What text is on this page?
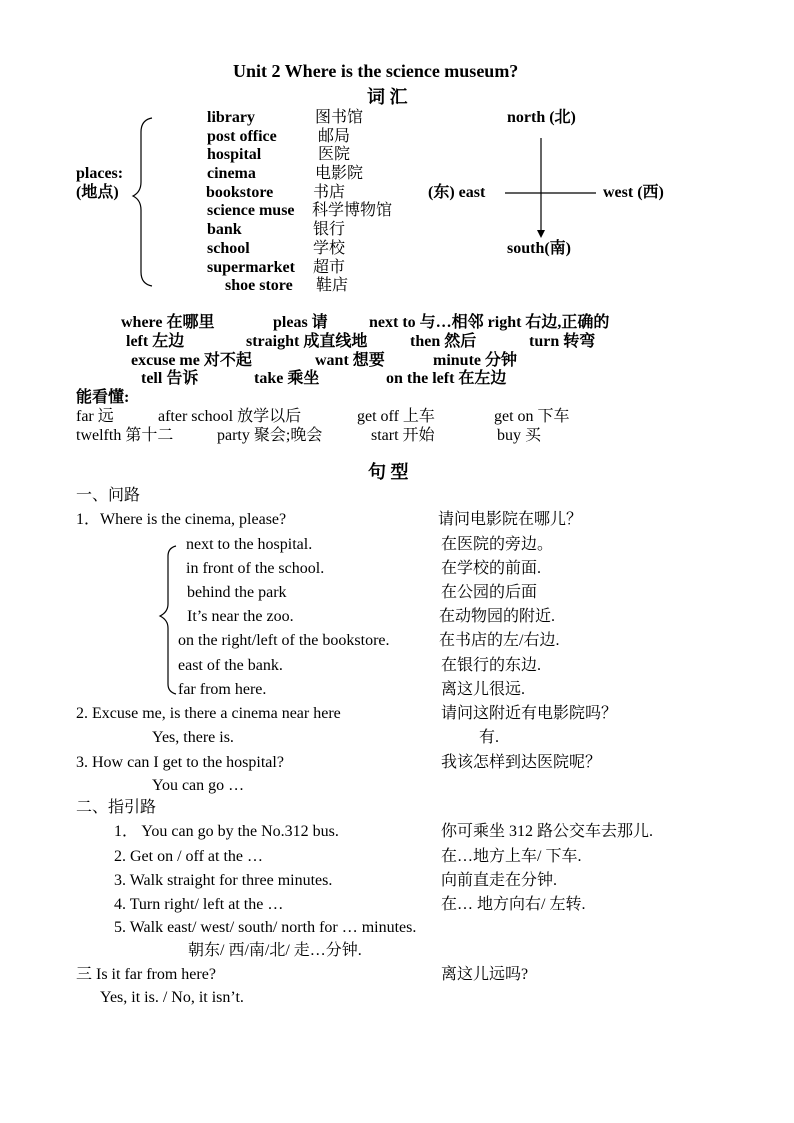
Unit 2 Where is the science museum?
词 汇
places:
(地点)
library	图书馆
post office	邮局
hospital	医院
cinema	电影院
bookstore 书店
science muse 科学博物馆
bank	银行
school	学校
supermarket 超市
shoe store 鞋店
north (北)
(东) east	west (西)
south(南)
where 在哪里	pleas 请	next to 与…相邻 right 右边,正确的
left 左边	straight 成直线地	then 然后	turn 转弯
excuse me 对不起	want 想要	minute 分钟
tell 告诉	take 乘坐	on the left 在左边
能看懂:
far 远	after school 放学以后	get off 上车	get on 下车
twelfth 第十二	party 聚会;晚会	start 开始	buy 买
句 型
一、问路
1．Where is the cinema, please?	请问电影院在哪儿？
next to the hospital.	在医院的旁边。
in front of the school.	在学校的前面.
behind the park	在公园的后面
It’s near the zoo.	在动物园的附近.
on the right/left of the bookstore.	在书店的左/右边.
east of the bank.	在银行的东边.
far from here.	离这儿很远.
2. Excuse me, is there a cinema near here	请问这附近有电影院吗？
Yes, there is.	有.
3. How can I get to the hospital?	我该怎样到达医院呢？
You can go …
二、指引路
1． You can go by the No.312 bus.	你可乘坐 312 路公交车去那儿.
2. Get on / off at the …	在…地方上车/ 下车.
3. Walk straight for three minutes.	向前直走在分钟.
4. Turn right/ left at the …	在… 地方向右/ 左转.
5. Walk east/ west/ south/ north for … minutes.
朝东/ 西/南/北/ 走…分钟.
三 Is it far from here?	离这儿远吗?
Yes, it is. / No, it isn’t.
